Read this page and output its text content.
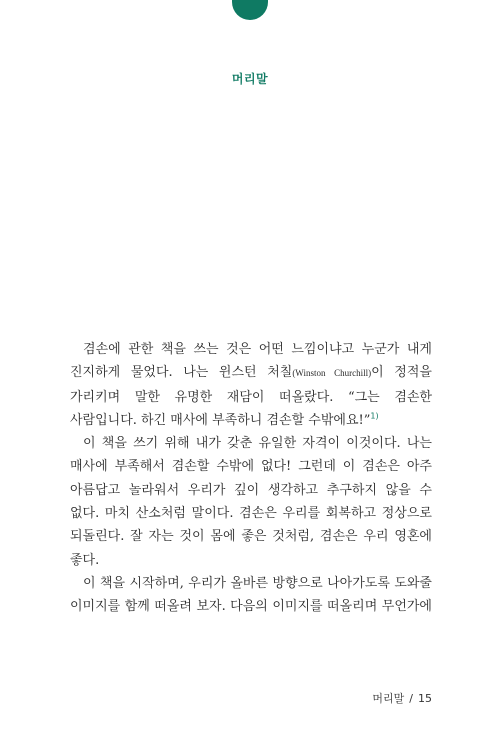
머리말

겸손에 관한 책을 쓰는 것은 어떤 느낌이냐고 누군가 내게 진지하게 물었다. 나는 윈스턴 처칠(Winston Churchill)이 정적을 가리키며 말한 유명한 재담이 떠올랐다. “그는 겸손한 사람입니다. 하긴 매사에 부족하니 겸손할 수밖에요!”$^{1)}$

이 책을 쓰기 위해 내가 갖춘 유일한 자격이 이것이다. 나는 매사에 부족해서 겸손할 수밖에 없다! 그런데 이 겸손은 아주 아름답고 놀라워서 우리가 깊이 생각하고 추구하지 않을 수 없다. 마치 산소처럼 말이다. 겸손은 우리를 회복하고 정상으로 되돌린다. 잘 자는 것이 몸에 좋은 것처럼, 겸손은 우리 영혼에 좋다.

이 책을 시작하며, 우리가 올바른 방향으로 나아가도록 도와줄 이미지를 함께 떠올려 보자. 다음의 이미지를 떠올리며 무언가에

머리말 / 15
